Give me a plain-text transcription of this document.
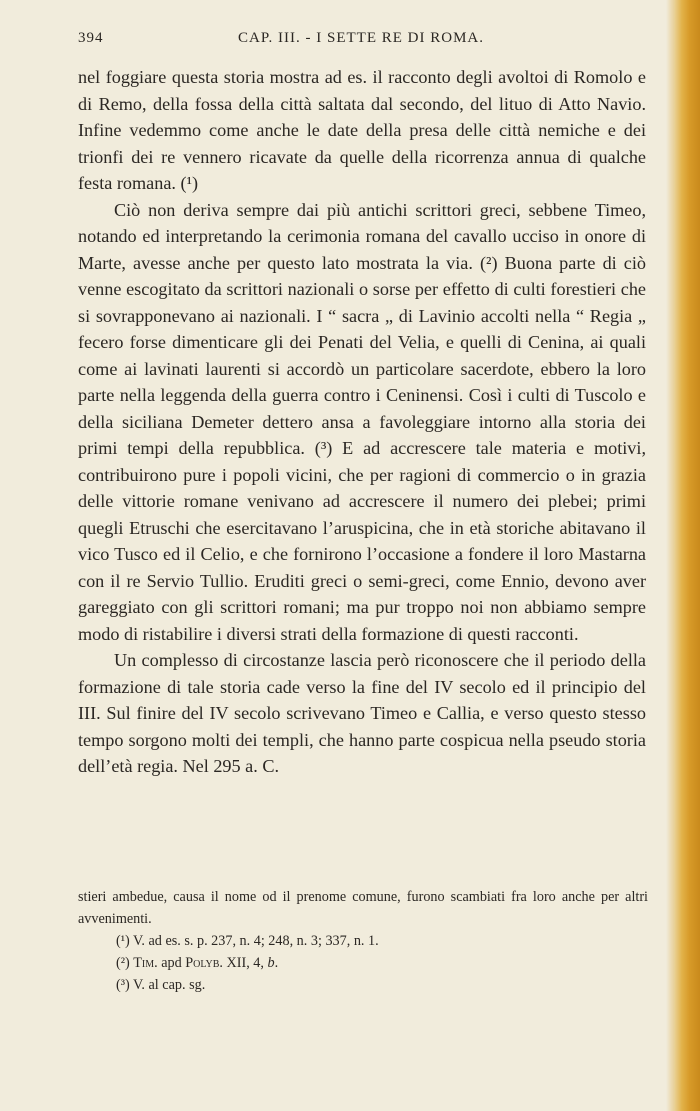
394	CAP. III. - I SETTE RE DI ROMA.

nel foggiare questa storia mostra ad es. il racconto degli avoltoi di Romolo e di Remo, della fossa della città saltata dal secondo, del lituo di Atto Navio. Infine vedemmo come anche le date della presa delle città nemiche e dei trionfi dei re vennero ricavate da quelle della ricorrenza annua di qualche festa romana. (¹)

Ciò non deriva sempre dai più antichi scrittori greci, sebbene Timeo, notando ed interpretando la cerimonia romana del cavallo ucciso in onore di Marte, avesse anche per questo lato mostrata la via. (²) Buona parte di ciò venne escogitato da scrittori nazionali o sorse per effetto di culti forestieri che si sovrapponevano ai nazionali. I “ sacra „ di Lavinio accolti nella “ Regia „ fecero forse dimenticare gli dei Penati del Velia, e quelli di Cenina, ai quali come ai lavinati laurenti si accordò un particolare sacerdote, ebbero la loro parte nella leggenda della guerra contro i Ceninensi. Così i culti di Tuscolo e della siciliana Demeter dettero ansa a favoleggiare intorno alla storia dei primi tempi della repubblica. (³) E ad accrescere tale materia e motivi, contribuirono pure i popoli vicini, che per ragioni di commercio o in grazia delle vittorie romane venivano ad accrescere il numero dei plebei; primi quegli Etruschi che esercitavano l’aruspicina, che in età storiche abitavano il vico Tusco ed il Celio, e che fornirono l’occasione a fondere il loro Mastarna con il re Servio Tullio. Eruditi greci o semi-greci, come Ennio, devono aver gareggiato con gli scrittori romani; ma pur troppo noi non abbiamo sempre modo di ristabilire i diversi strati della formazione di questi racconti.

Un complesso di circostanze lascia però riconoscere che il periodo della formazione di tale storia cade verso la fine del IV secolo ed il principio del III. Sul finire del IV secolo scrivevano Timeo e Callia, e verso questo stesso tempo sorgono molti dei templi, che hanno parte cospicua nella pseudo storia dell’età regia. Nel 295 a. C.

stieri ambedue, causa il nome od il prenome comune, furono scambiati fra loro anche per altri avvenimenti.
(¹) V. ad es. s. p. 237, n. 4; 248, n. 3; 337, n. 1.
(²) Tim. apd Polyb. XII, 4, b.
(³) V. al cap. sg.
